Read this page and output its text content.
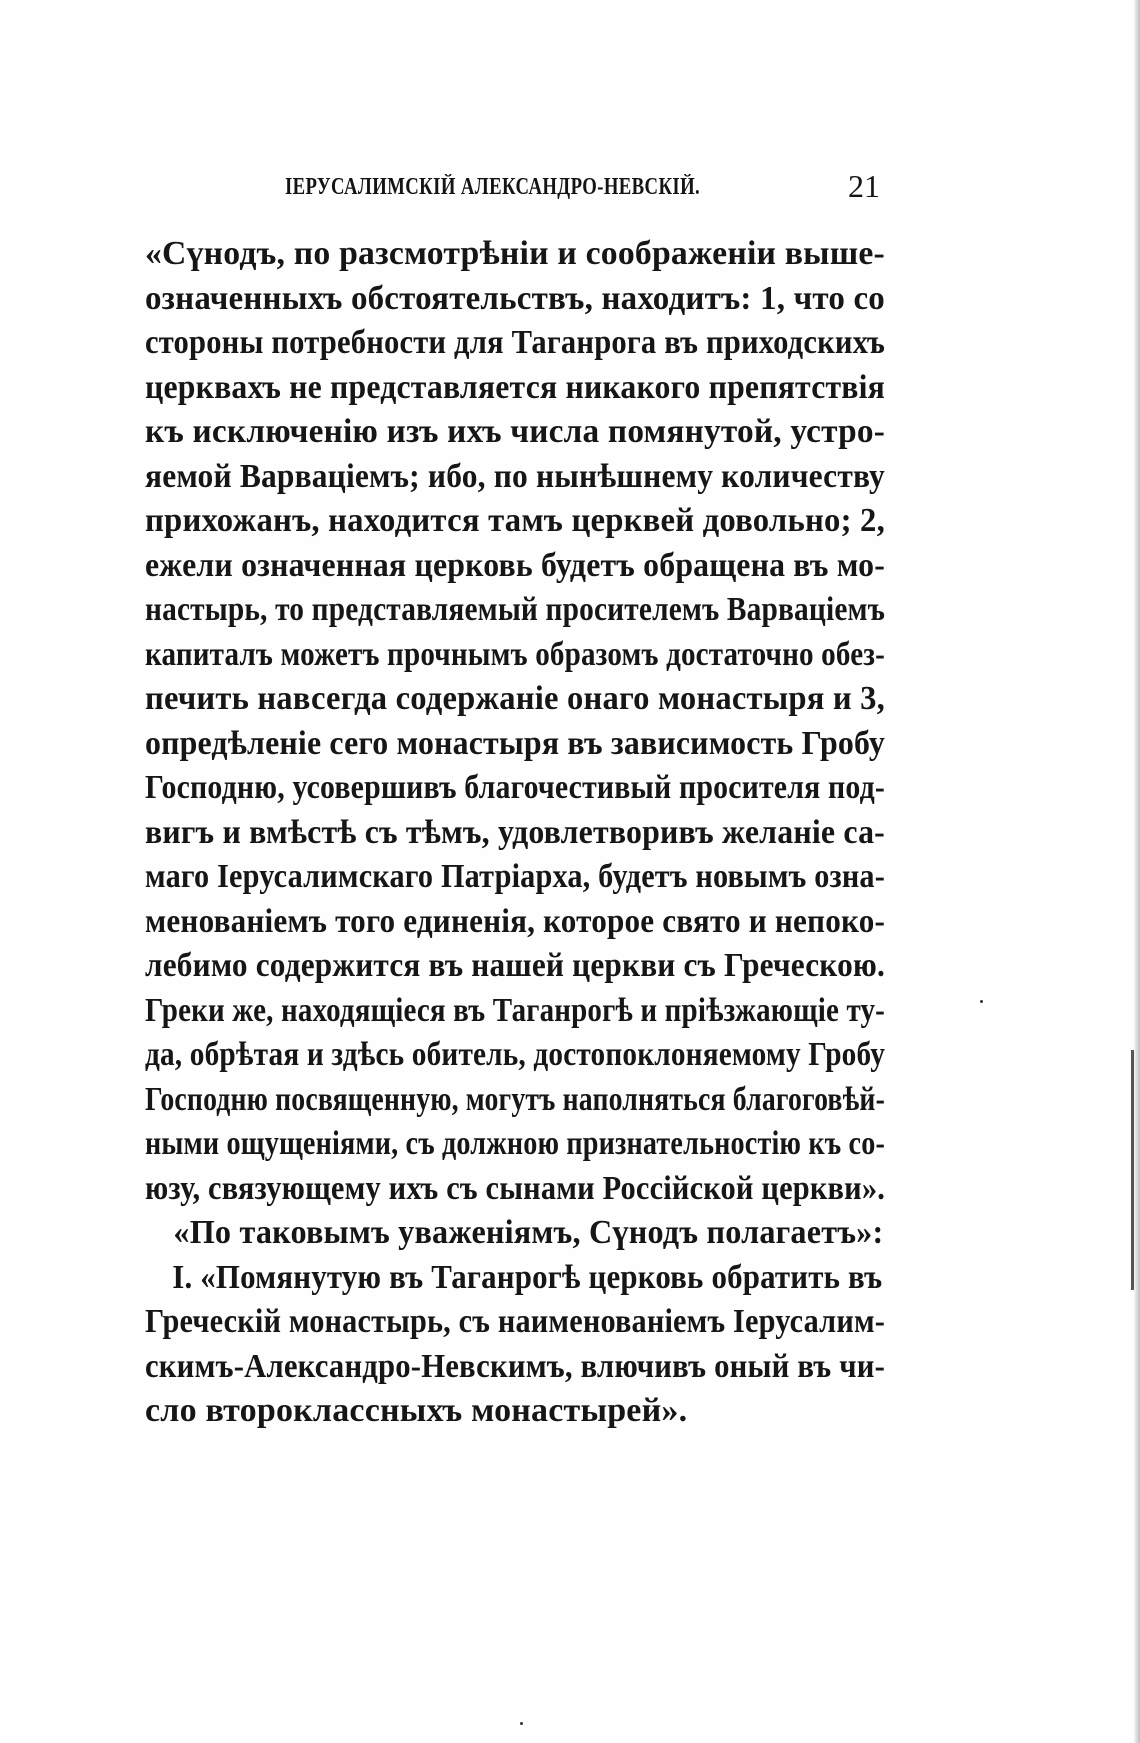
ІЕРУСАЛИМСКІЙ АЛЕКСАНДРО-НЕВСКІЙ.	21
«Сүнодъ, по разсмотрѣніи и соображеніи выше-
означенныхъ обстоятельствъ, находитъ: 1, что со
стороны потребности для Таганрога въ приходскихъ
церквахъ не представляется никакого препятствія
къ исключенію изъ ихъ числа помянутой, устро-
яемой Варваціемъ; ибо, по нынѣшнему количеству
прихожанъ, находится тамъ церквей довольно; 2,
ежели означенная церковь будетъ обращена въ мо-
настырь, то представляемый просителемъ Варваціемъ
капиталъ можетъ прочнымъ образомъ достаточно обез-
печить навсегда содержаніе онаго монастыря и 3,
опредѣленіе сего монастыря въ зависимость Гробу
Господню, усовершивъ благочестивый просителя под-
вигъ и вмѣстѣ съ тѣмъ, удовлетворивъ желаніе са-
маго Іерусалимскаго Патріарха, будетъ новымъ озна-
менованіемъ того единенія, которое свято и непоко-
лебимо содержится въ нашей церкви съ Греческою.
Греки же, находящіеся въ Таганрогѣ и пріѣзжающіе ту-
да, обрѣтая и здѣсь обитель, достопоклоняемому Гробу
Господню посвященную, могутъ наполняться благоговѣй-
ными ощущеніями, съ должною признательностію къ со-
юзу, связующему ихъ съ сынами Россійской церкви».
«По таковымъ уваженіямъ, Сүнодъ полагаетъ»:
I. «Помянутую въ Таганрогѣ церковь обратить въ
Греческій монастырь, съ наименованіемъ Іерусалим-
скимъ-Александро-Невскимъ, влючивъ оный въ чи-
сло второклассныхъ монастырей».
